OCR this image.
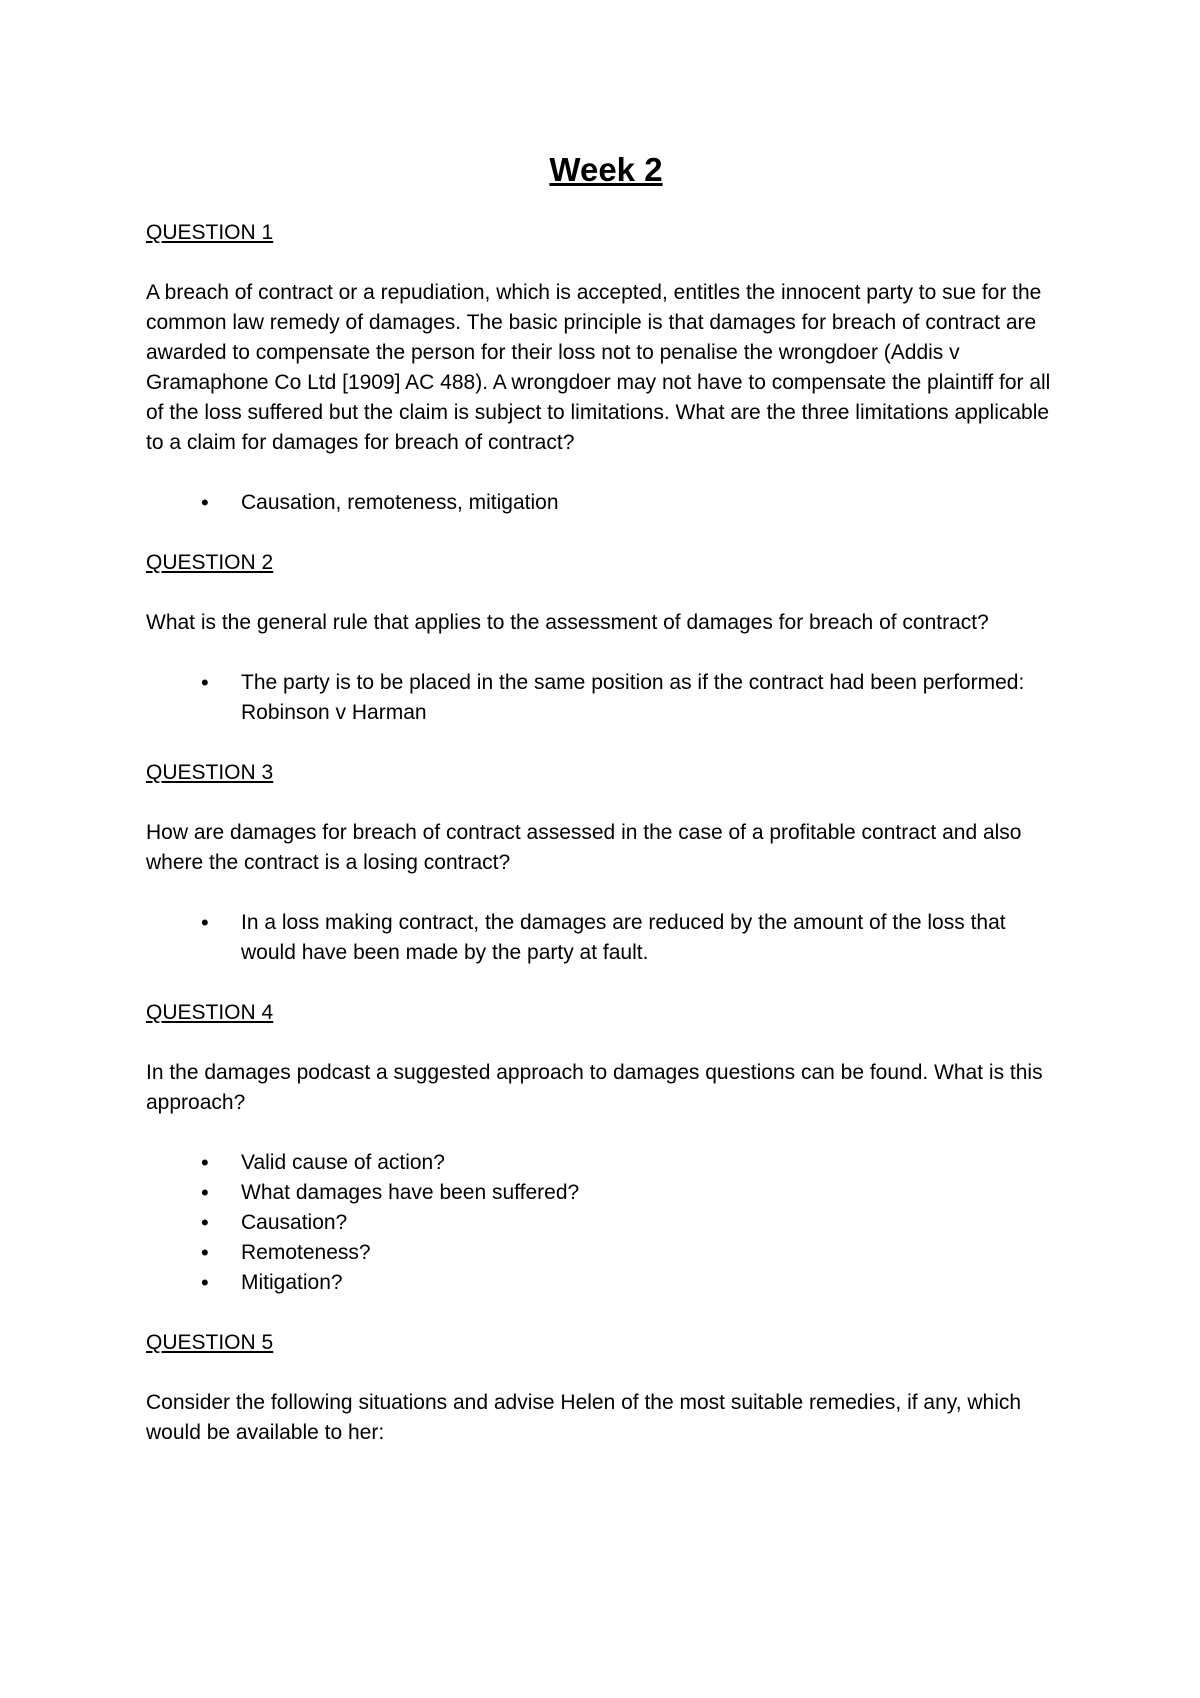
Week 2
QUESTION 1

A breach of contract or a repudiation, which is accepted, entitles the innocent party to sue for the common law remedy of damages. The basic principle is that damages for breach of contract are awarded to compensate the person for their loss not to penalise the wrongdoer (Addis v Gramaphone Co Ltd [1909] AC 488). A wrongdoer may not have to compensate the plaintiff for all of the loss suffered but the claim is subject to limitations. What are the three limitations applicable to a claim for damages for breach of contract?

• Causation, remoteness, mitigation
QUESTION 2

What is the general rule that applies to the assessment of damages for breach of contract?

• The party is to be placed in the same position as if the contract had been performed: Robinson v Harman
QUESTION 3

How are damages for breach of contract assessed in the case of a profitable contract and also where the contract is a losing contract?

• In a loss making contract, the damages are reduced by the amount of the loss that would have been made by the party at fault.
QUESTION 4

In the damages podcast a suggested approach to damages questions can be found. What is this approach?

• Valid cause of action?
• What damages have been suffered?
• Causation?
• Remoteness?
• Mitigation?
QUESTION 5

Consider the following situations and advise Helen of the most suitable remedies, if any, which would be available to her:
